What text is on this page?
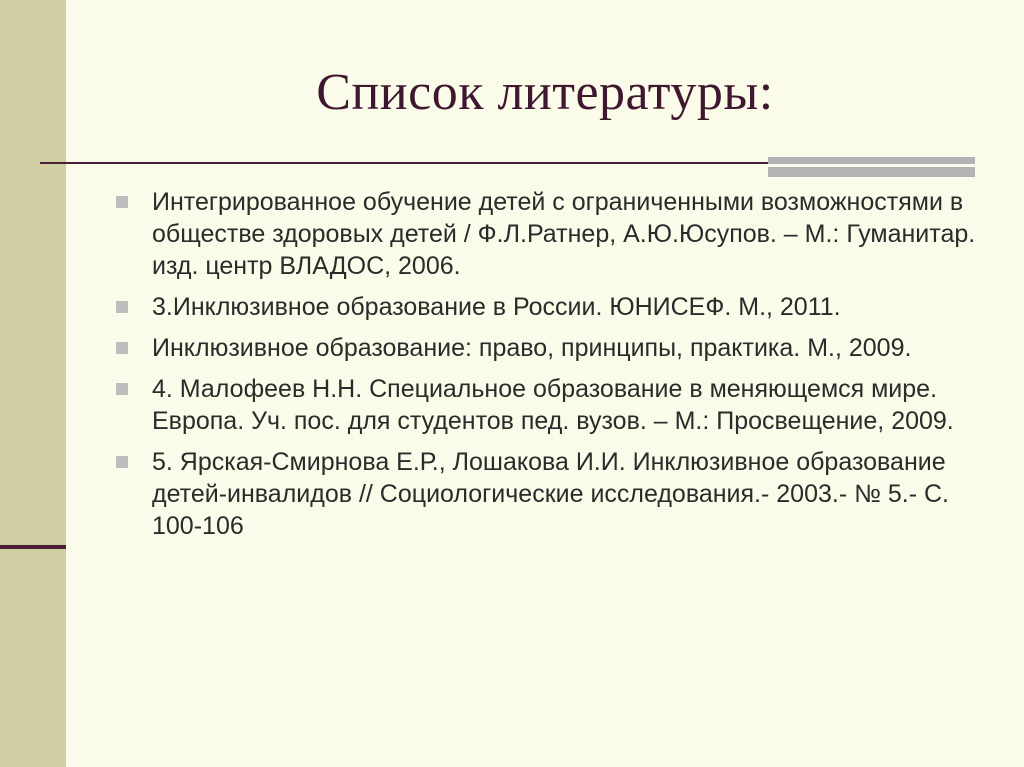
Список литературы:
Интегрированное обучение детей с ограниченными возможностями в обществе здоровых детей / Ф.Л.Ратнер, А.Ю.Юсупов. – М.: Гуманитар. изд. центр ВЛАДОС, 2006.
3.Инклюзивное образование в России. ЮНИСЕФ. М., 2011.
Инклюзивное образование: право, принципы, практика. М., 2009.
4. Малофеев Н.Н. Специальное образование в меняющемся мире. Европа. Уч. пос. для студентов пед. вузов. – М.: Просвещение, 2009.
5. Ярская-Смирнова Е.Р., Лошакова И.И. Инклюзивное образование детей-инвалидов // Социологические исследования.- 2003.- № 5.- С. 100-106
